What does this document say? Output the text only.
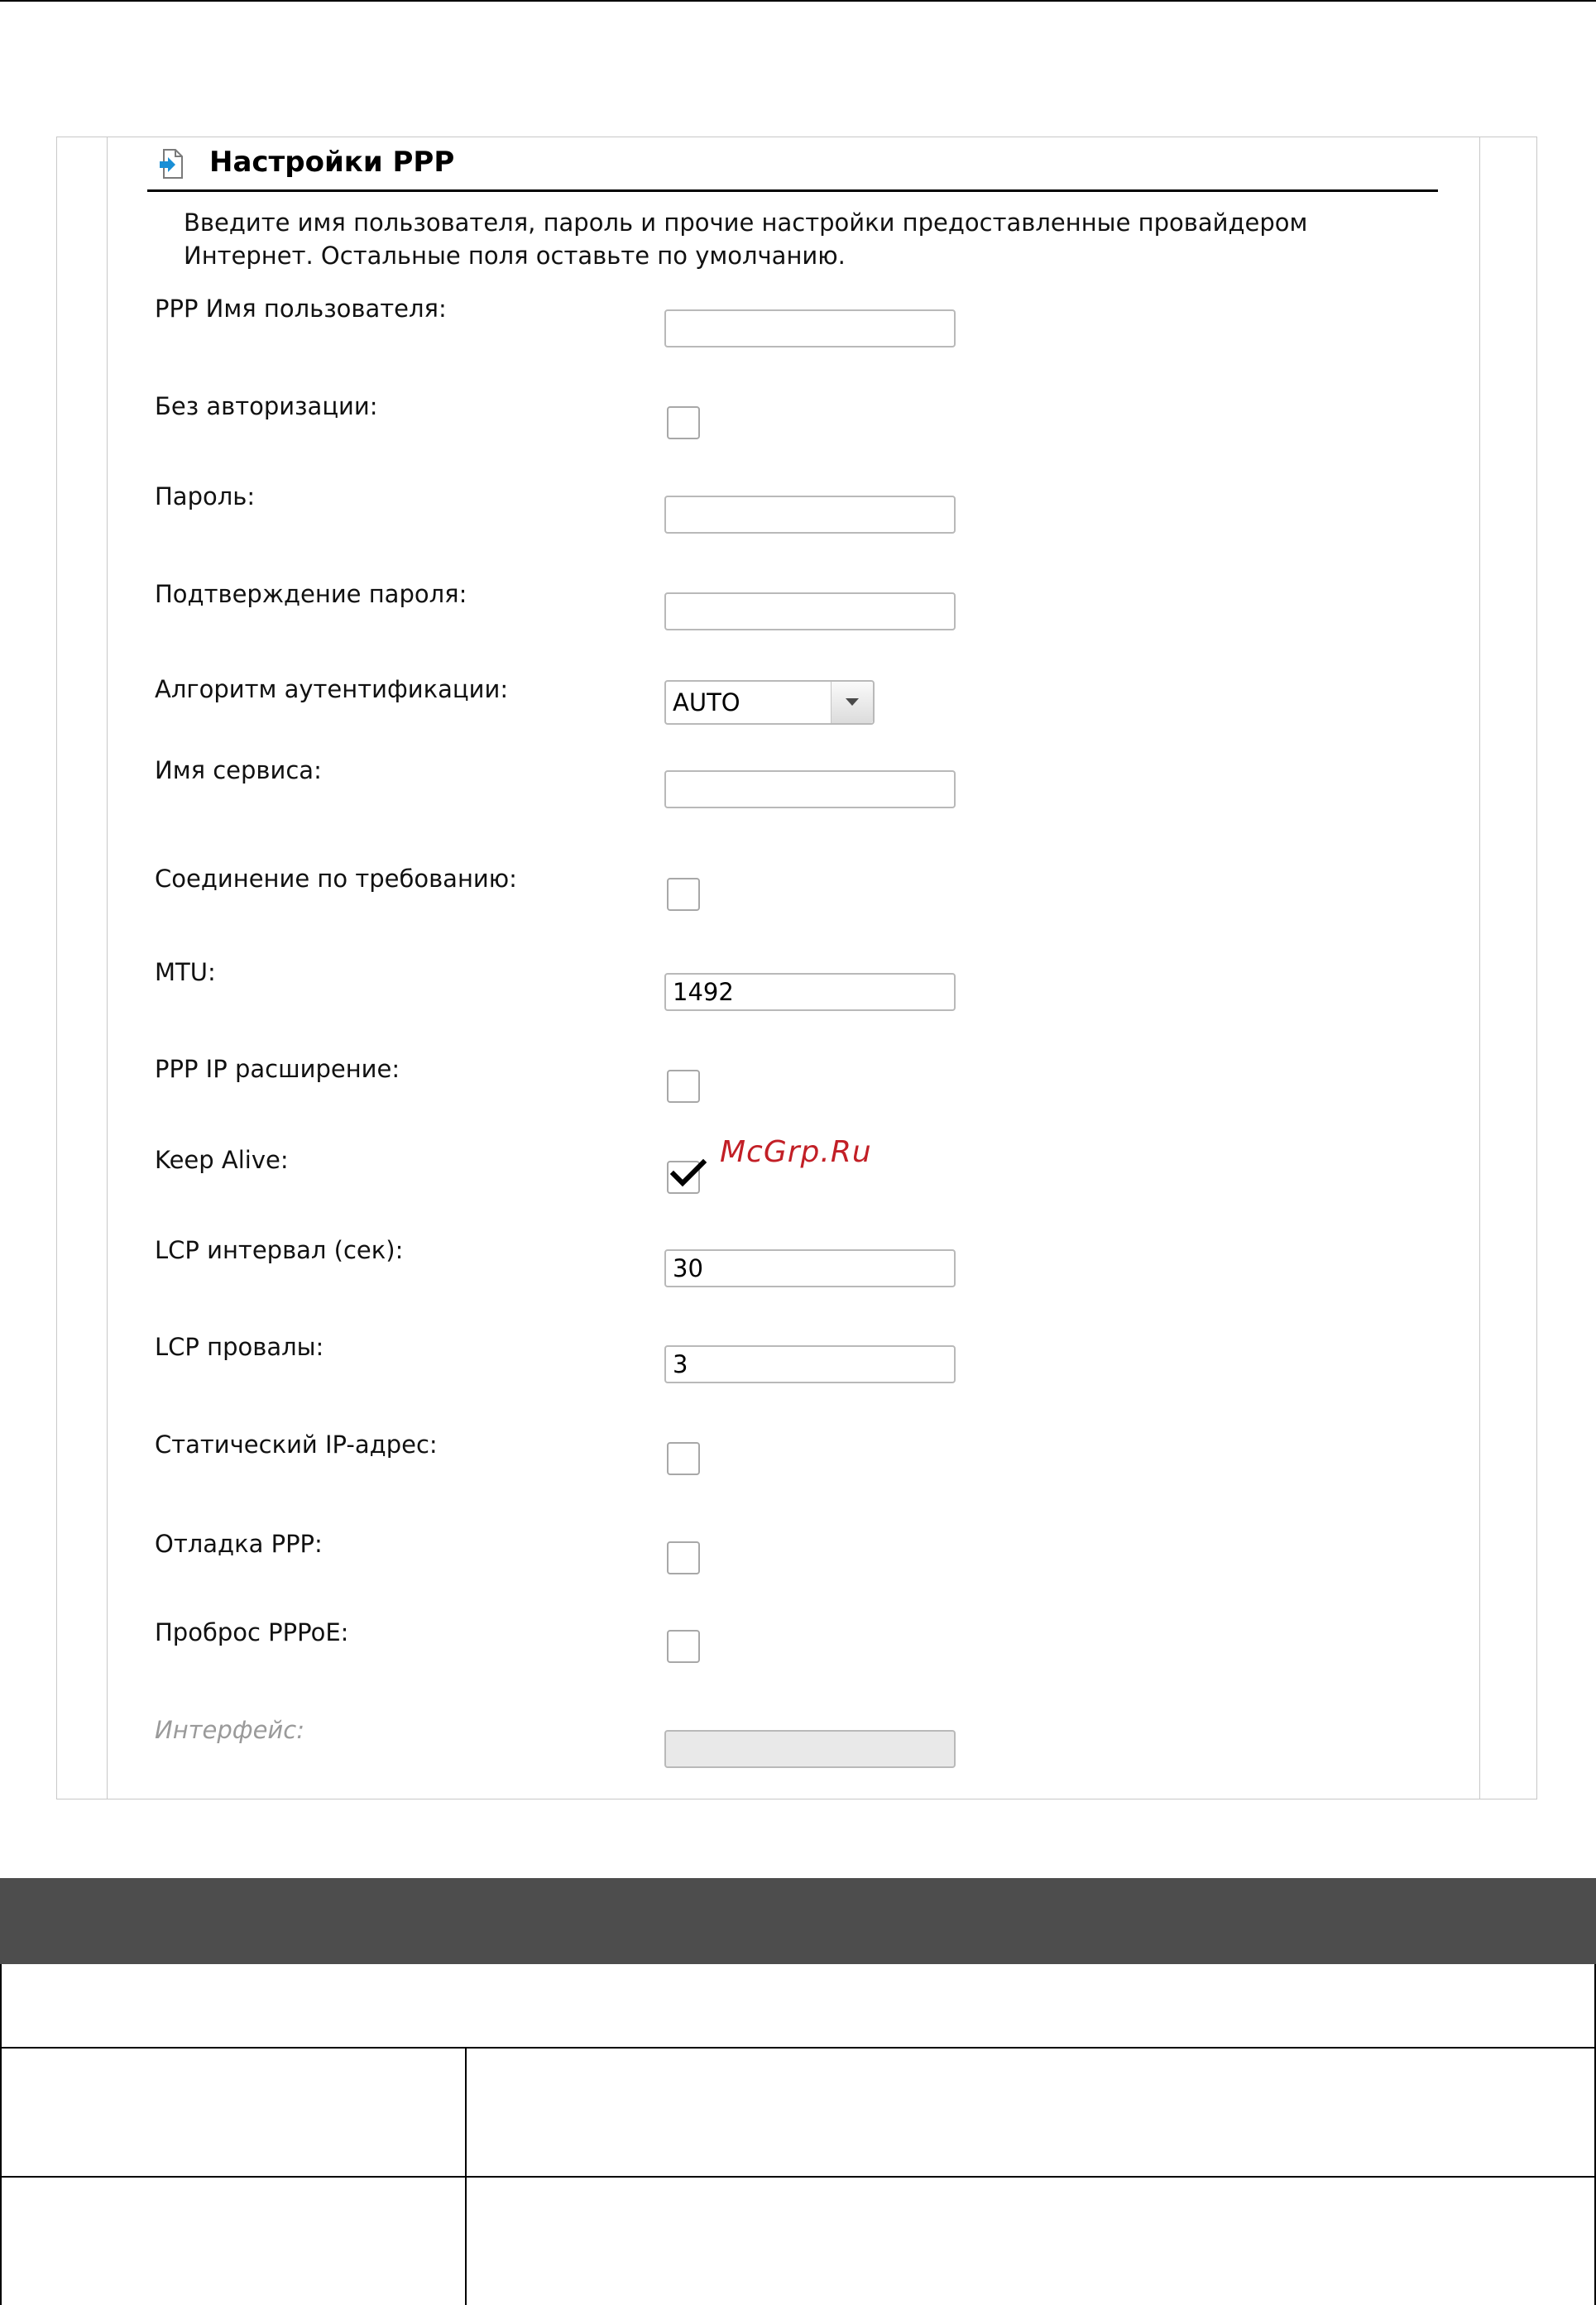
Настройки PPP
Введите имя пользователя, пароль и прочие настройки предоставленные провайдером Интернет. Остальные поля оставьте по умолчанию.
PPP Имя пользователя:
Без авторизации:
Пароль:
Подтверждение пароля:
Алгоритм аутентификации:	AUTO
Имя сервиса:
Соединение по требованию:
MTU:
1492
PPP IP расширение:
Keep Alive:	McGrp.Ru
LCP интервал (сек):
30
LCP провалы:
3
Статический IP-адрес:
Отладка PPP:
Проброс PPPoE:
Интерфейс:
